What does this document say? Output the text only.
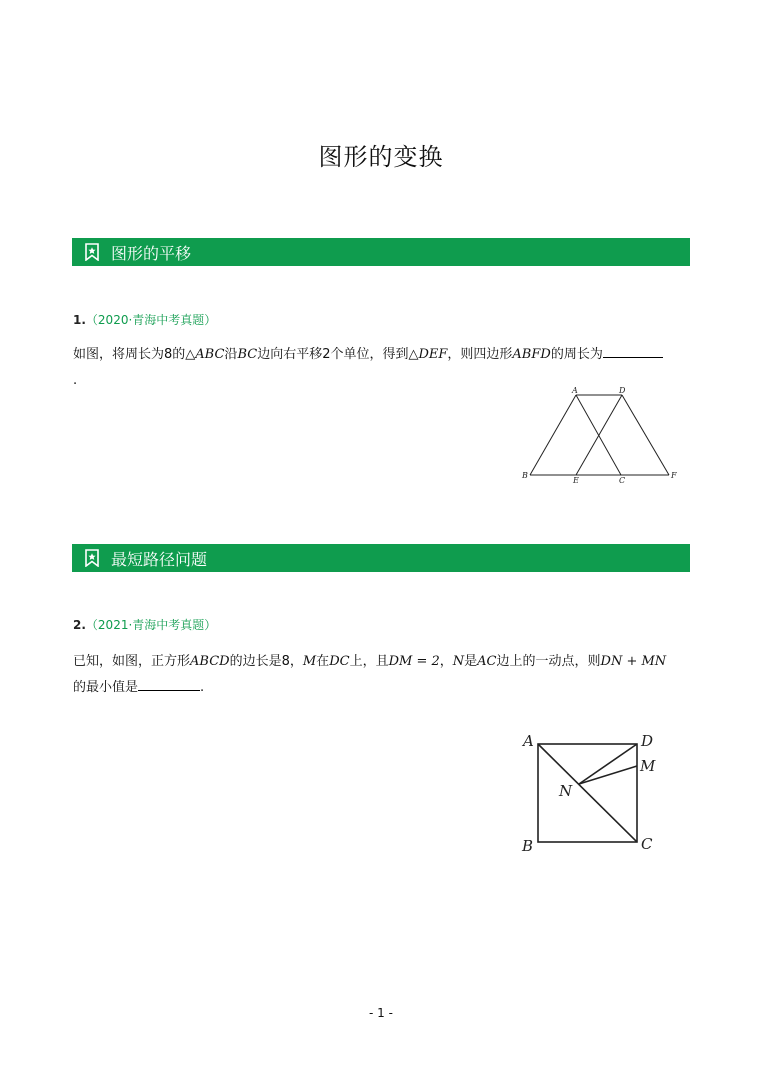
图形的变换
图形的平移
1.（2020·青海中考真题）
如图，将周长为8的△ABC沿BC边向右平移2个单位，得到△DEF，则四边形ABFD的周长为
.
A	D
B
E	C
F
最短路径问题
2.（2021·青海中考真题）
已知，如图，正方形ABCD的边长是8，M在DC上，且DM = 2，N是AC边上的一动点，则DN + MN
的最小值是	.
A	D
M
N
B	C
- 1 -
